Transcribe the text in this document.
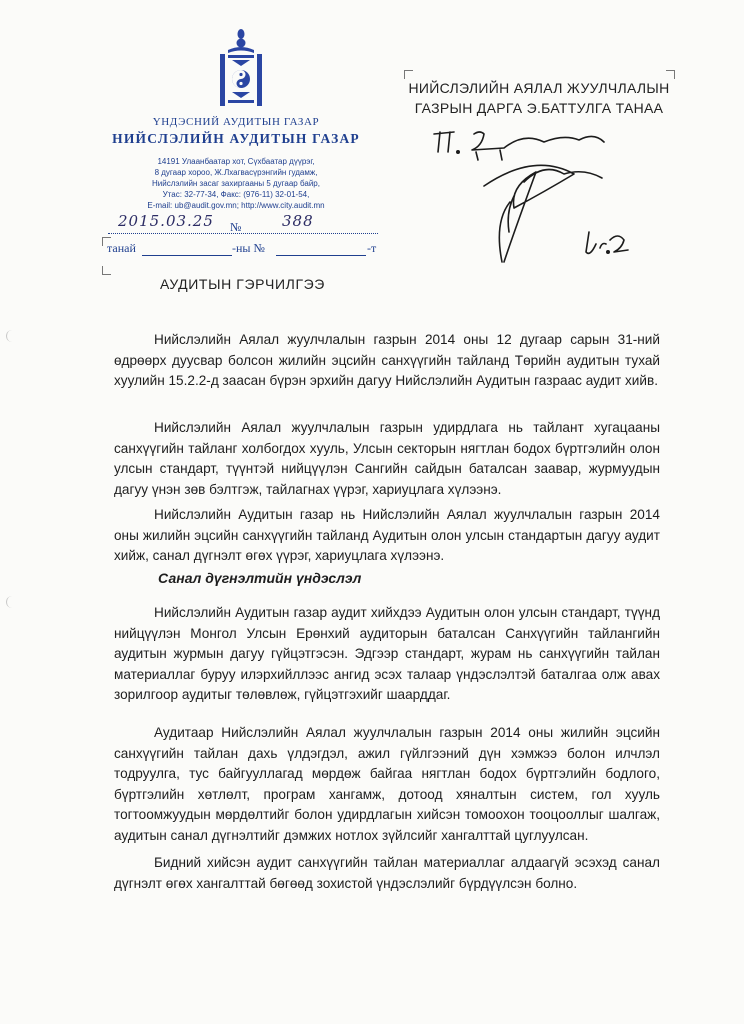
ҮНДЭСНИЙ АУДИТЫН ГАЗАР
НИЙСЛЭЛИЙН АУДИТЫН ГАЗАР
14191 Улаанбаатар хот, Сүхбаатар дүүрэг,
8 дугаар хороо, Ж.Лхагвасүрэнгийн гудамж,
Нийслэлийн засаг захиргааны 5 дугаар байр,
Утас: 32-77-34, Факс: (976-11) 32-01-54,
E-mail: ub@audit.gov.mn; http://www.city.audit.mn
2015.03.25 №	388
танай	-ны №	-т
НИЙСЛЭЛИЙН АЯЛАЛ ЖУУЛЧЛАЛЫН
ГАЗРЫН ДАРГА Э.БАТТУЛГА ТАНАА
АУДИТЫН ГЭРЧИЛГЭЭ

Нийслэлийн Аялал жуулчлалын газрын 2014 оны 12 дугаар сарын 31-ний өдрөөрх дуусвар болсон жилийн эцсийн санхүүгийн тайланд Төрийн аудитын тухай хуулийн 15.2.2-д заасан бүрэн эрхийн дагуу Нийслэлийн Аудитын газраас аудит хийв.

Нийслэлийн Аялал жуулчлалын газрын удирдлага нь тайлант хугацааны санхүүгийн тайланг холбогдох хууль, Улсын секторын нягтлан бодох бүртгэлийн олон улсын стандарт, түүнтэй нийцүүлэн Сангийн сайдын баталсан заавар, журмуудын дагуу үнэн зөв бэлтгэж, тайлагнах үүрэг, хариуцлага хүлээнэ.

Нийслэлийн Аудитын газар нь Нийслэлийн Аялал жуулчлалын газрын 2014 оны жилийн эцсийн санхүүгийн тайланд Аудитын олон улсын стандартын дагуу аудит хийж, санал дүгнэлт өгөх үүрэг, хариуцлага хүлээнэ.

Санал дүгнэлтийн үндэслэл

Нийслэлийн Аудитын газар аудит хийхдээ Аудитын олон улсын стандарт, түүнд нийцүүлэн Монгол Улсын Ерөнхий аудиторын баталсан Санхүүгийн тайлангийн аудитын журмын дагуу гүйцэтгэсэн. Эдгээр стандарт, журам нь санхүүгийн тайлан материаллаг буруу илэрхийллээс ангид эсэх талаар үндэслэлтэй баталгаа олж авах зорилгоор аудитыг төлөвлөж, гүйцэтгэхийг шаарддаг.

Аудитаар Нийслэлийн Аялал жуулчлалын газрын 2014 оны жилийн эцсийн санхүүгийн тайлан дахь үлдэгдэл, ажил гүйлгээний дүн хэмжээ болон илчлэл тодруулга, тус байгууллагад мөрдөж байгаа нягтлан бодох бүртгэлийн бодлого, бүртгэлийн хөтлөлт, програм хангамж, дотоод хяналтын систем, гол хууль тогтоомжуудын мөрдөлтийг болон удирдлагын хийсэн томоохон тооцооллыг шалгаж, аудитын санал дүгнэлтийг дэмжих нотлох зүйлсийг хангалттай цуглуулсан.

Бидний хийсэн аудит санхүүгийн тайлан материаллаг алдаагүй эсэхэд санал дүгнэлт өгөх хангалттай бөгөөд зохистой үндэслэлийг бүрдүүлсэн болно.
